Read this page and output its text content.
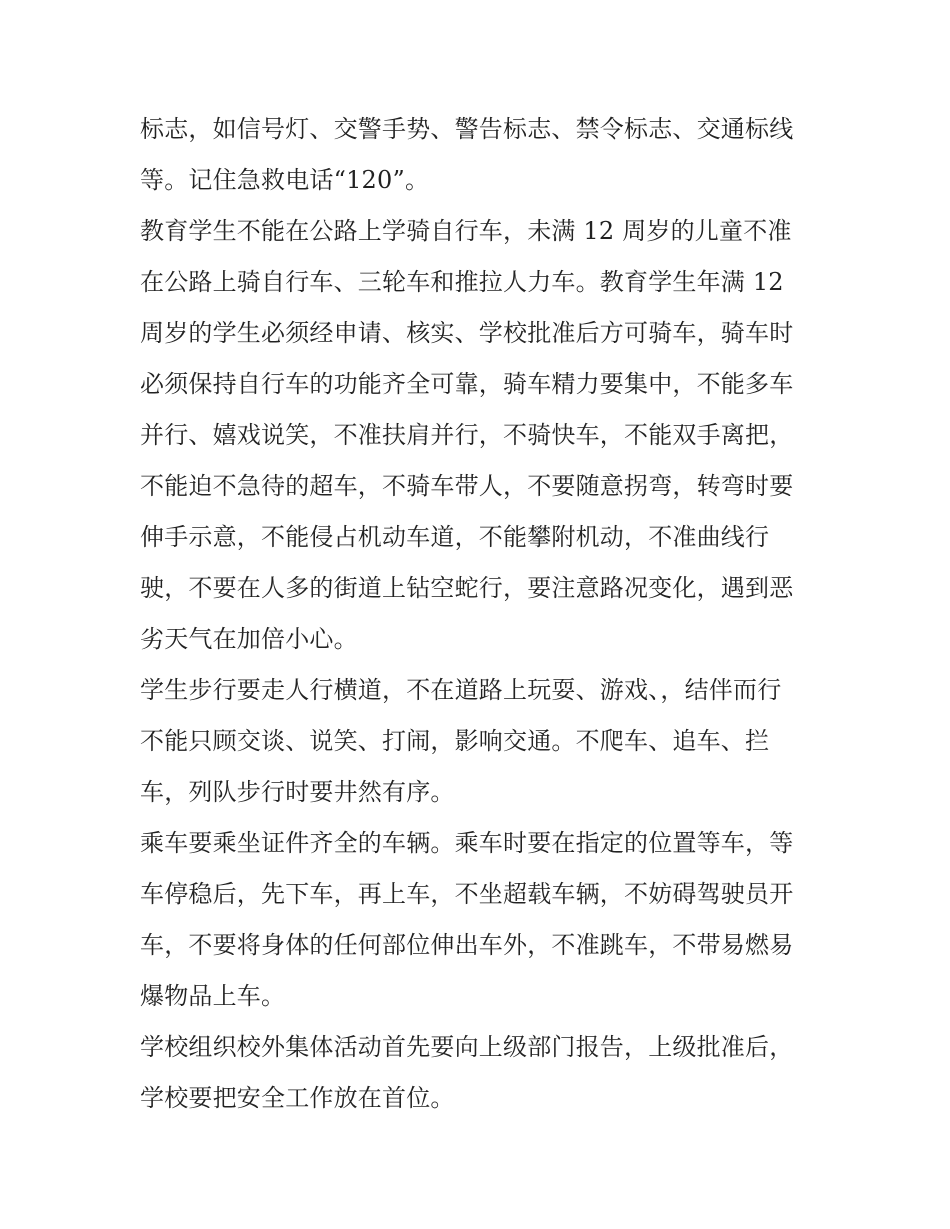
标志，如信号灯、交警手势、警告标志、禁令标志、交通标线
等。记住急救电话“120”。
教育学生不能在公路上学骑自行车，未满 12 周岁的儿童不准
在公路上骑自行车、三轮车和推拉人力车。教育学生年满 12
周岁的学生必须经申请、核实、学校批准后方可骑车，骑车时
必须保持自行车的功能齐全可靠，骑车精力要集中，不能多车
并行、嬉戏说笑，不准扶肩并行，不骑快车，不能双手离把，
不能迫不急待的超车，不骑车带人，不要随意拐弯，转弯时要
伸手示意，不能侵占机动车道，不能攀附机动，不准曲线行
驶，不要在人多的街道上钻空蛇行，要注意路况变化，遇到恶
劣天气在加倍小心。
学生步行要走人行横道，不在道路上玩耍、游戏、，结伴而行
不能只顾交谈、说笑、打闹，影响交通。不爬车、追车、拦
车，列队步行时要井然有序。
乘车要乘坐证件齐全的车辆。乘车时要在指定的位置等车，等
车停稳后，先下车，再上车，不坐超载车辆，不妨碍驾驶员开
车，不要将身体的任何部位伸出车外，不准跳车，不带易燃易
爆物品上车。
学校组织校外集体活动首先要向上级部门报告，上级批准后，
学校要把安全工作放在首位。
